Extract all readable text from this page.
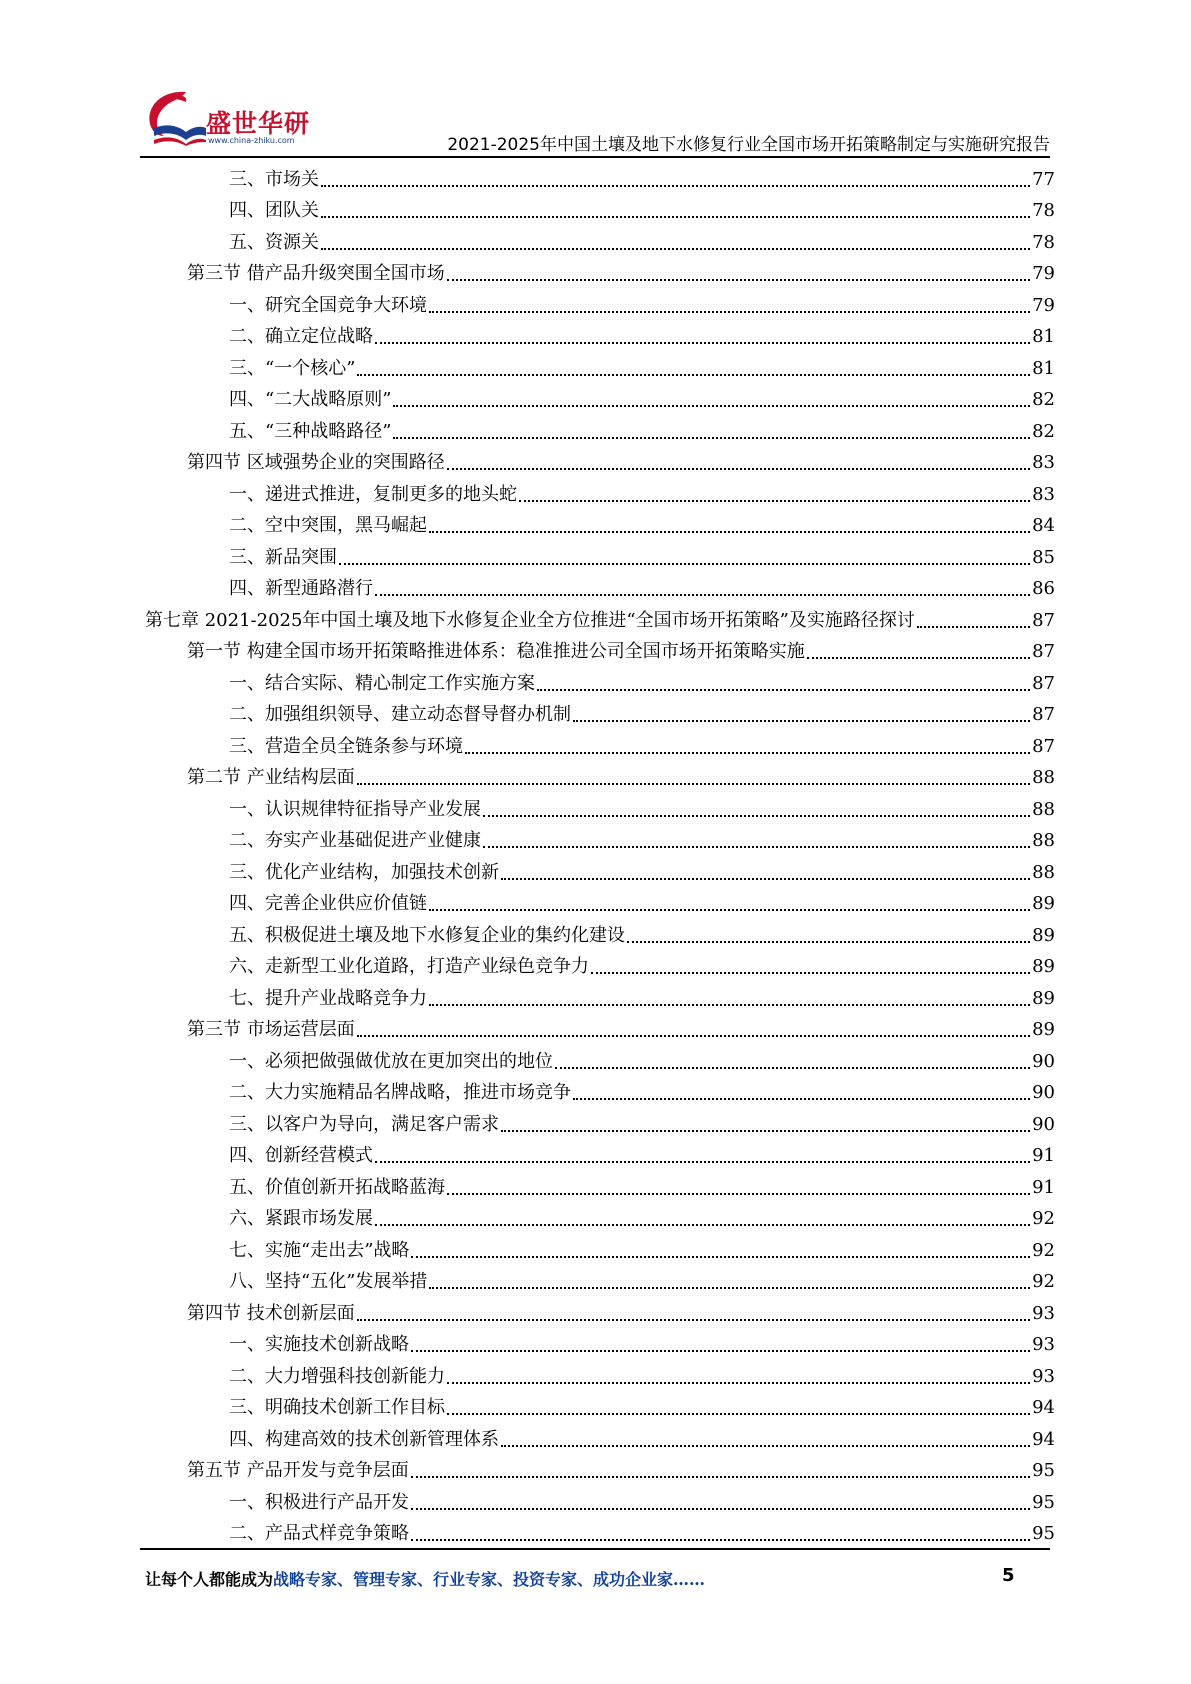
盛世华研
www.china-zhiku.com	2021-2025年中国土壤及地下水修复行业全国市场开拓策略制定与实施研究报告
三、市场关	77
四、团队关	78
五、资源关	78
第三节 借产品升级突围全国市场	79
一、研究全国竞争大环境	79
二、确立定位战略	81
三、“一个核心”	81
四、“二大战略原则”	82
五、“三种战略路径”	82
第四节 区域强势企业的突围路径	83
一、递进式推进，复制更多的地头蛇	83
二、空中突围，黑马崛起	84
三、新品突围	85
四、新型通路潜行	86
第七章 2021-2025年中国土壤及地下水修复企业全方位推进“全国市场开拓策略”及实施路径探讨	87
第一节 构建全国市场开拓策略推进体系：稳准推进公司全国市场开拓策略实施	87
一、结合实际、精心制定工作实施方案	87
二、加强组织领导、建立动态督导督办机制	87
三、营造全员全链条参与环境	87
第二节 产业结构层面	88
一、认识规律特征指导产业发展	88
二、夯实产业基础促进产业健康	88
三、优化产业结构，加强技术创新	88
四、完善企业供应价值链	89
五、积极促进土壤及地下水修复企业的集约化建设	89
六、走新型工业化道路，打造产业绿色竞争力	89
七、提升产业战略竞争力	89
第三节 市场运营层面	89
一、必须把做强做优放在更加突出的地位	90
二、大力实施精品名牌战略，推进市场竞争	90
三、以客户为导向，满足客户需求	90
四、创新经营模式	91
五、价值创新开拓战略蓝海	91
六、紧跟市场发展	92
七、实施“走出去”战略	92
八、坚持“五化”发展举措	92
第四节 技术创新层面	93
一、实施技术创新战略	93
二、大力增强科技创新能力	93
三、明确技术创新工作目标	94
四、构建高效的技术创新管理体系	94
第五节 产品开发与竞争层面	95
一、积极进行产品开发	95
二、产品式样竞争策略	95
让每个人都能成为战略专家、管理专家、行业专家、投资专家、成功企业家……	5
